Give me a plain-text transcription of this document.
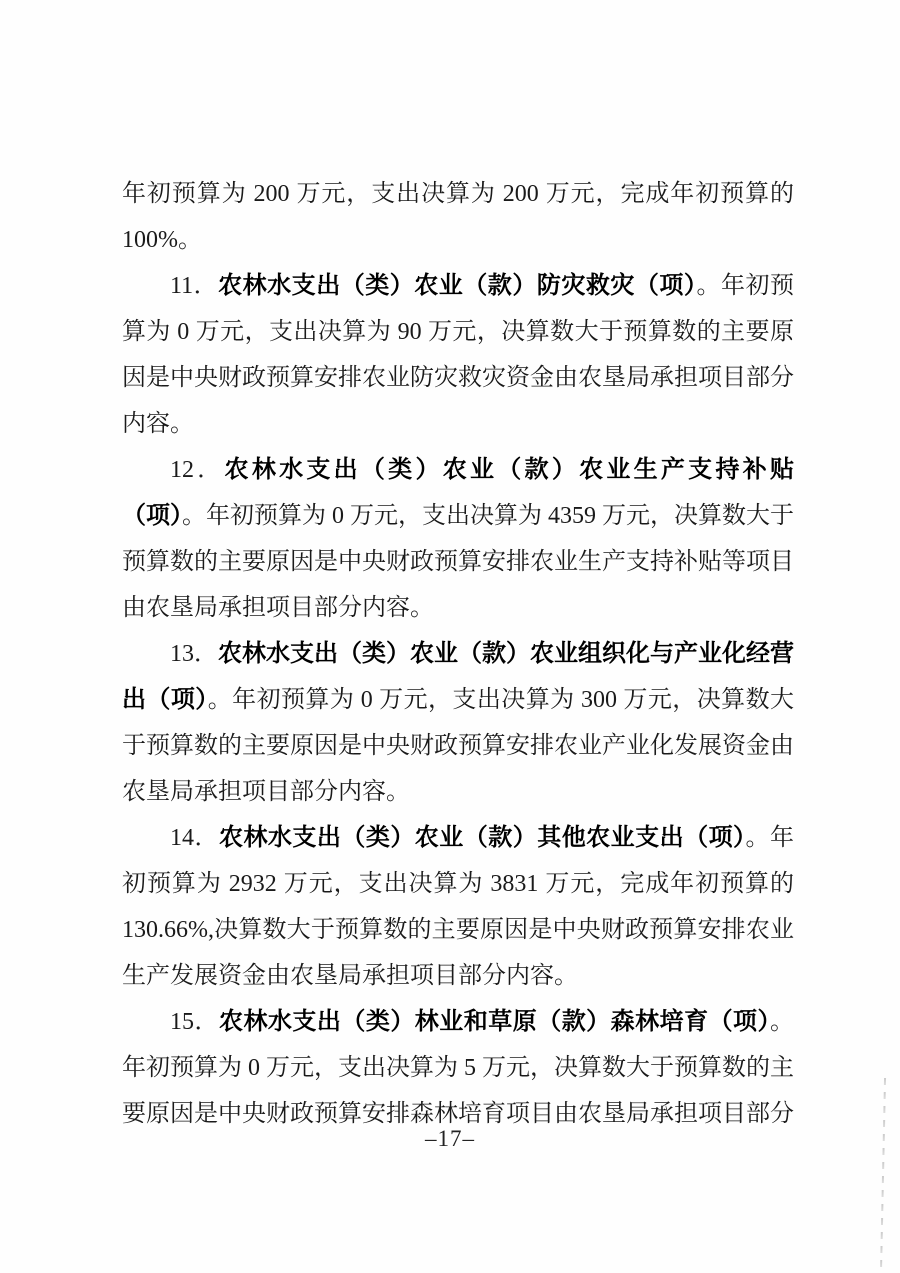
年初预算为 200 万元，支出决算为 200 万元，完成年初预算的100%。

11．农林水支出（类）农业（款）防灾救灾（项）。年初预算为 0 万元，支出决算为 90 万元，决算数大于预算数的主要原因是中央财政预算安排农业防灾救灾资金由农垦局承担项目部分内容。

12．农林水支出（类）农业（款）农业生产支持补贴（项）。年初预算为 0 万元，支出决算为 4359 万元，决算数大于预算数的主要原因是中央财政预算安排农业生产支持补贴等项目由农垦局承担项目部分内容。

13．农林水支出（类）农业（款）农业组织化与产业化经营出（项）。年初预算为 0 万元，支出决算为 300 万元，决算数大于预算数的主要原因是中央财政预算安排农业产业化发展资金由农垦局承担项目部分内容。

14．农林水支出（类）农业（款）其他农业支出（项）。年初预算为 2932 万元，支出决算为 3831 万元，完成年初预算的130.66%,决算数大于预算数的主要原因是中央财政预算安排农业生产发展资金由农垦局承担项目部分内容。

15．农林水支出（类）林业和草原（款）森林培育（项）。年初预算为 0 万元，支出决算为 5 万元，决算数大于预算数的主要原因是中央财政预算安排森林培育项目由农垦局承担项目部分

–17–
